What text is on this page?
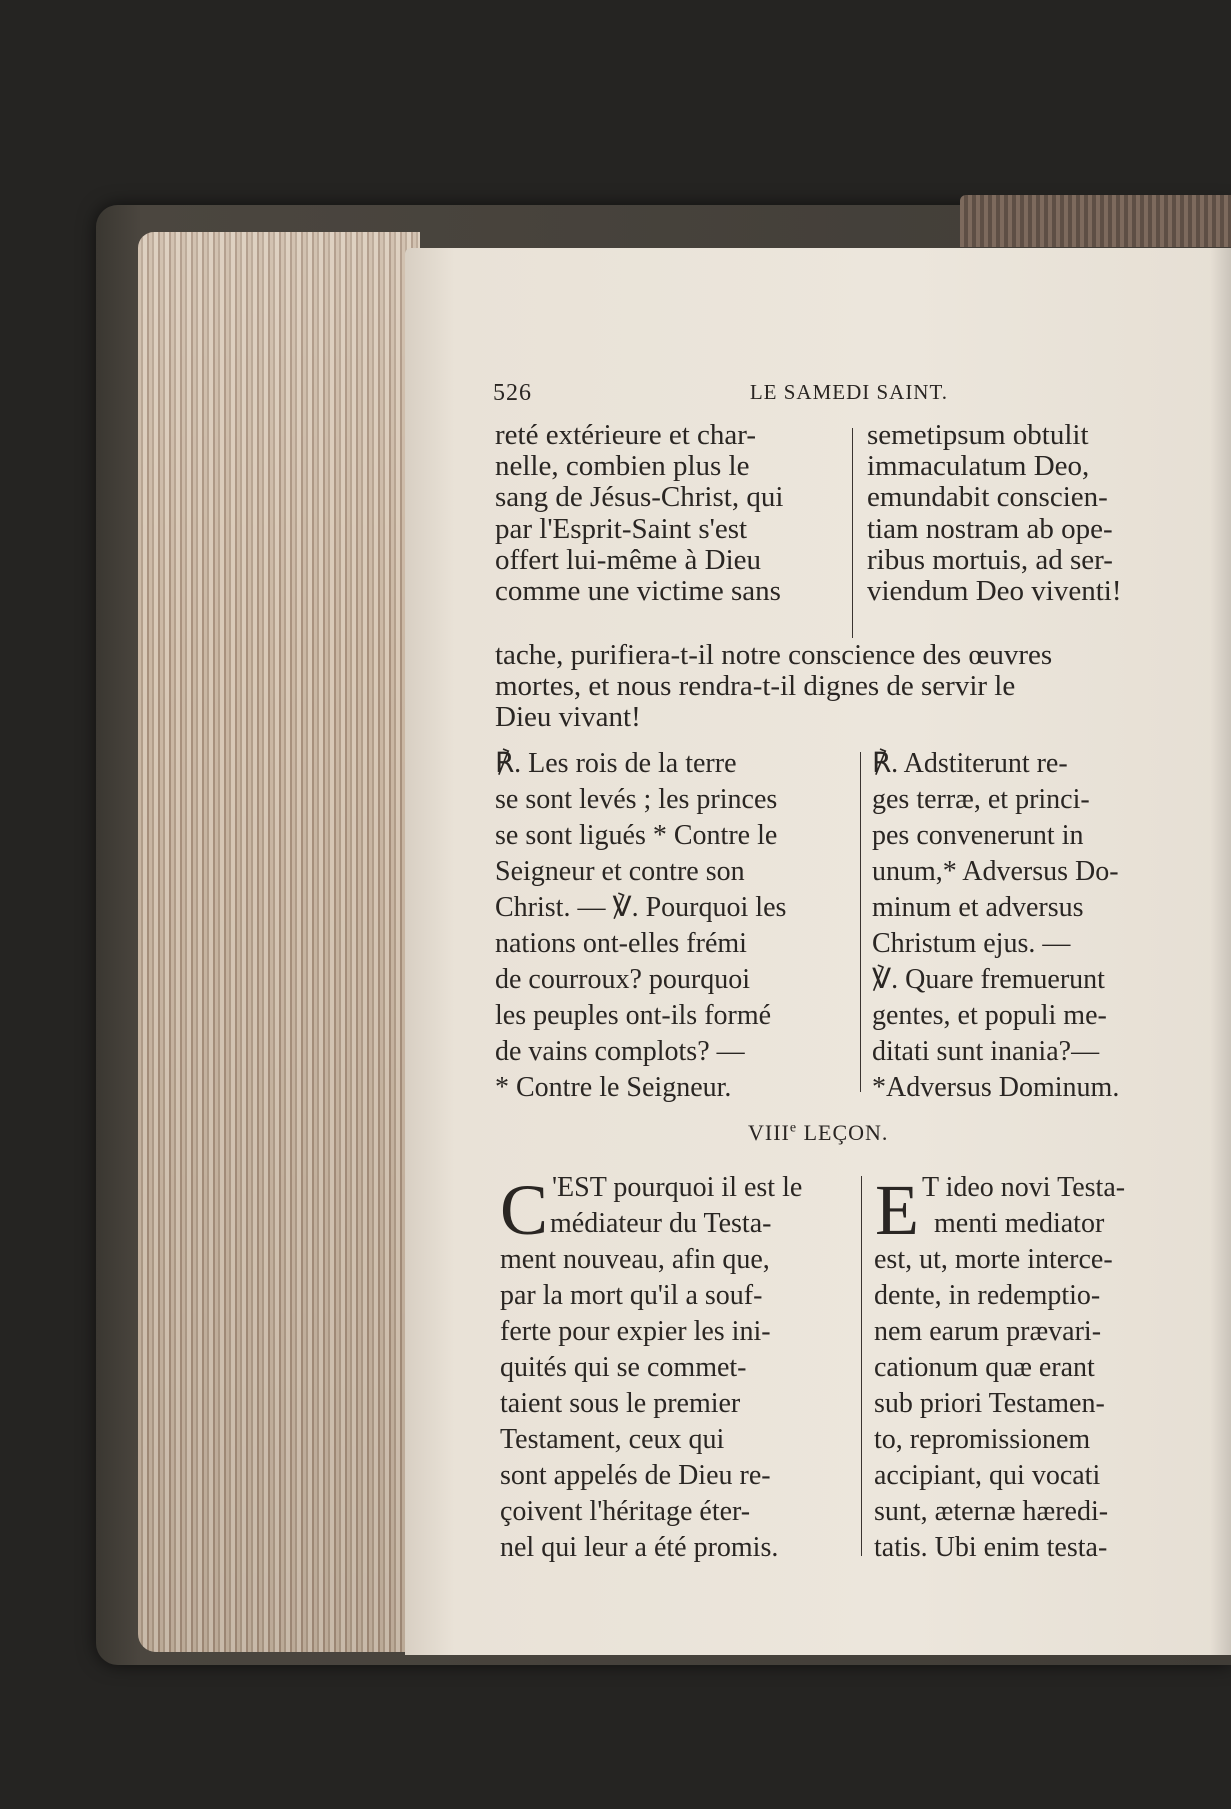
526	LE SAMEDI SAINT.
reté extérieure et char-
nelle, combien plus le
sang de Jésus-Christ, qui
par l'Esprit-Saint s'est
offert lui-même à Dieu
comme une victime sans
semetipsum obtulit
immaculatum Deo,
emundabit conscien-
tiam nostram ab ope-
ribus mortuis, ad ser-
viendum Deo viventi!
tache, purifiera-t-il notre conscience des œuvres
mortes, et nous rendra-t-il dignes de servir le
Dieu vivant!
℟. Les rois de la terre
se sont levés ; les princes
se sont ligués * Contre le
Seigneur et contre son
Christ. — ℣. Pourquoi les
nations ont-elles frémi
de courroux? pourquoi
les peuples ont-ils formé
de vains complots? —
* Contre le Seigneur.
℟. Adstiterunt re-
ges terræ, et princi-
pes convenerunt in
unum,* Adversus Do-
minum et adversus
Christum ejus. —
℣. Quare fremuerunt
gentes, et populi me-
ditati sunt inania?—
*Adversus Dominum.
VIIIe LEÇON.
C 'EST pourquoi il est le
médiateur du Testa-
ment nouveau, afin que,
par la mort qu'il a souf-
ferte pour expier les ini-
quités qui se commet-
taient sous le premier
Testament, ceux qui
sont appelés de Dieu re-
çoivent l'héritage éter-
nel qui leur a été promis.
E T ideo novi Testa-
menti mediator
est, ut, morte interce-
dente, in redemptio-
nem earum prævari-
cationum quæ erant
sub priori Testamen-
to, repromissionem
accipiant, qui vocati
sunt, æternæ hæredi-
tatis. Ubi enim testa-
